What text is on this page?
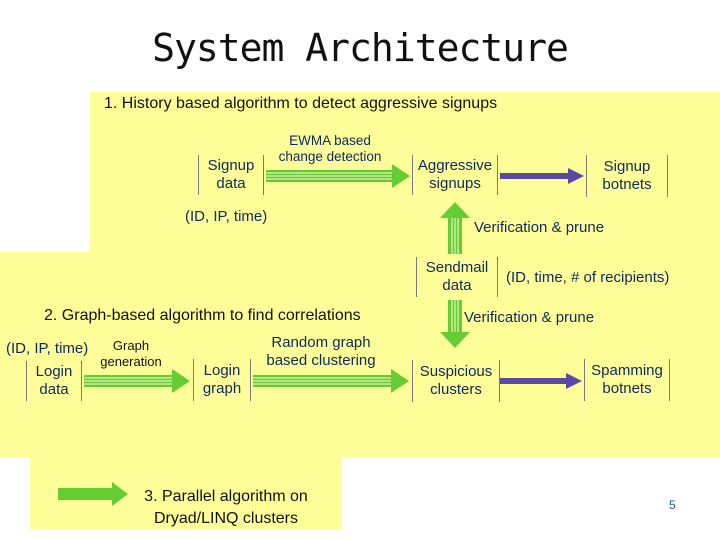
System Architecture
1. History based algorithm to detect aggressive signups
Signup data
EWMA based change detection
(ID, IP, time)
Aggressive signups
Signup botnets
Verification & prune
Sendmail data	(ID, time, # of recipients)
2. Graph-based algorithm to find correlations
(ID, IP, time)
Login data
Graph generation
Login graph
Random graph based clustering
Suspicious clusters
Spamming botnets
Verification & prune
3. Parallel algorithm on Dryad/LINQ clusters
5
